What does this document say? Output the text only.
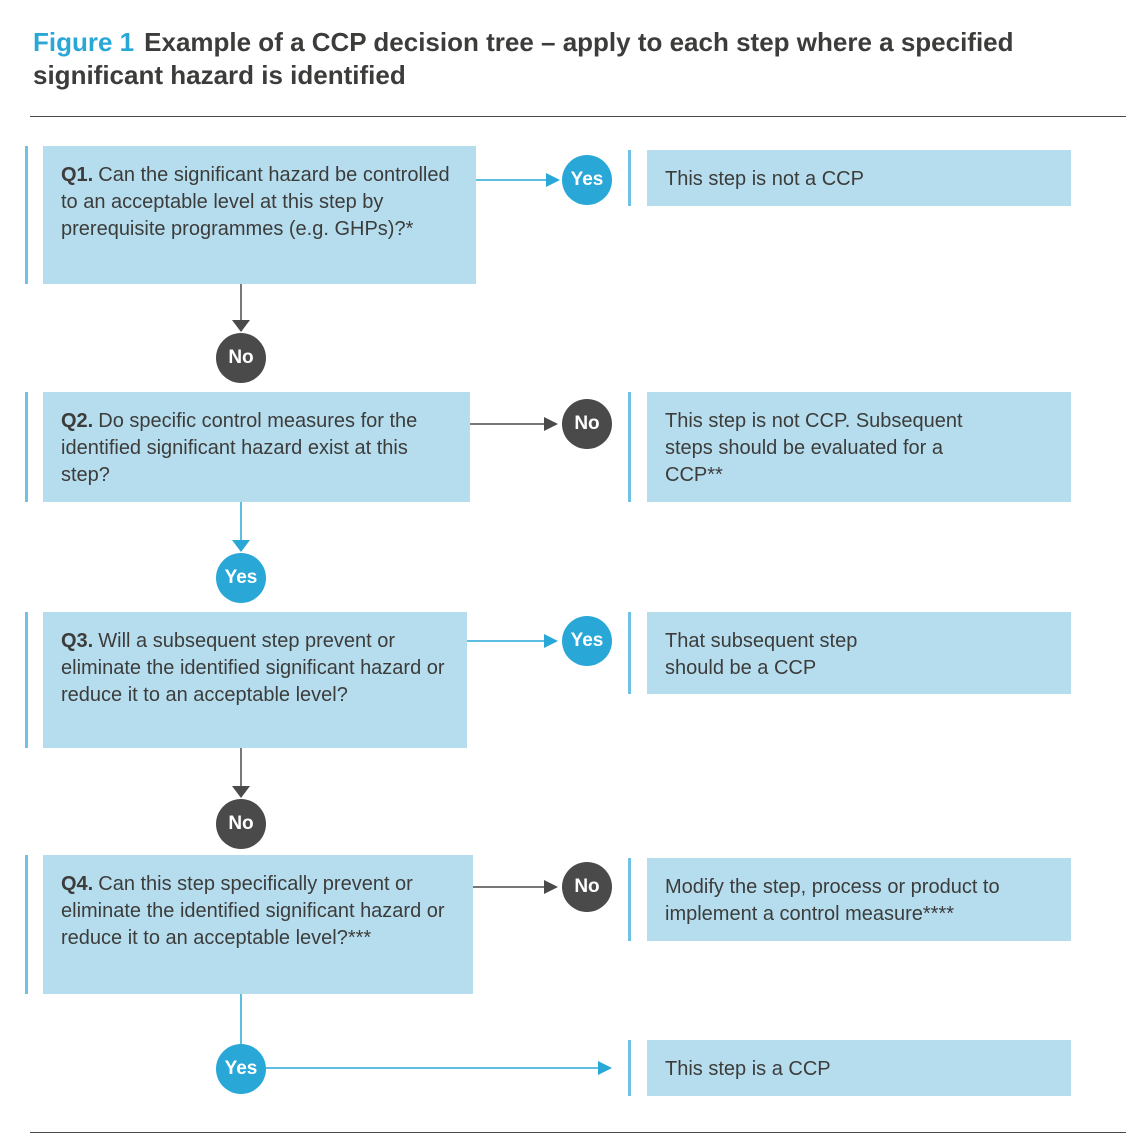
Figure 1 Example of a CCP decision tree – apply to each step where a specified significant hazard is identified
Q1. Can the significant hazard be controlled to an acceptable level at this step by prerequisite programmes (e.g. GHPs)?*
Q2. Do specific control measures for the identified significant hazard exist at this step?
Q3. Will a subsequent step prevent or eliminate the identified significant hazard or reduce it to an acceptable level?
Q4. Can this step specifically prevent or eliminate the identified significant hazard or reduce it to an acceptable level?***
This step is not a CCP
This step is not CCP. Subsequent steps should be evaluated for a CCP**
That subsequent step should be a CCP
Modify the step, process or product to implement a control measure****
This step is a CCP
Yes
No
No
Yes
Yes
No
No
Yes
